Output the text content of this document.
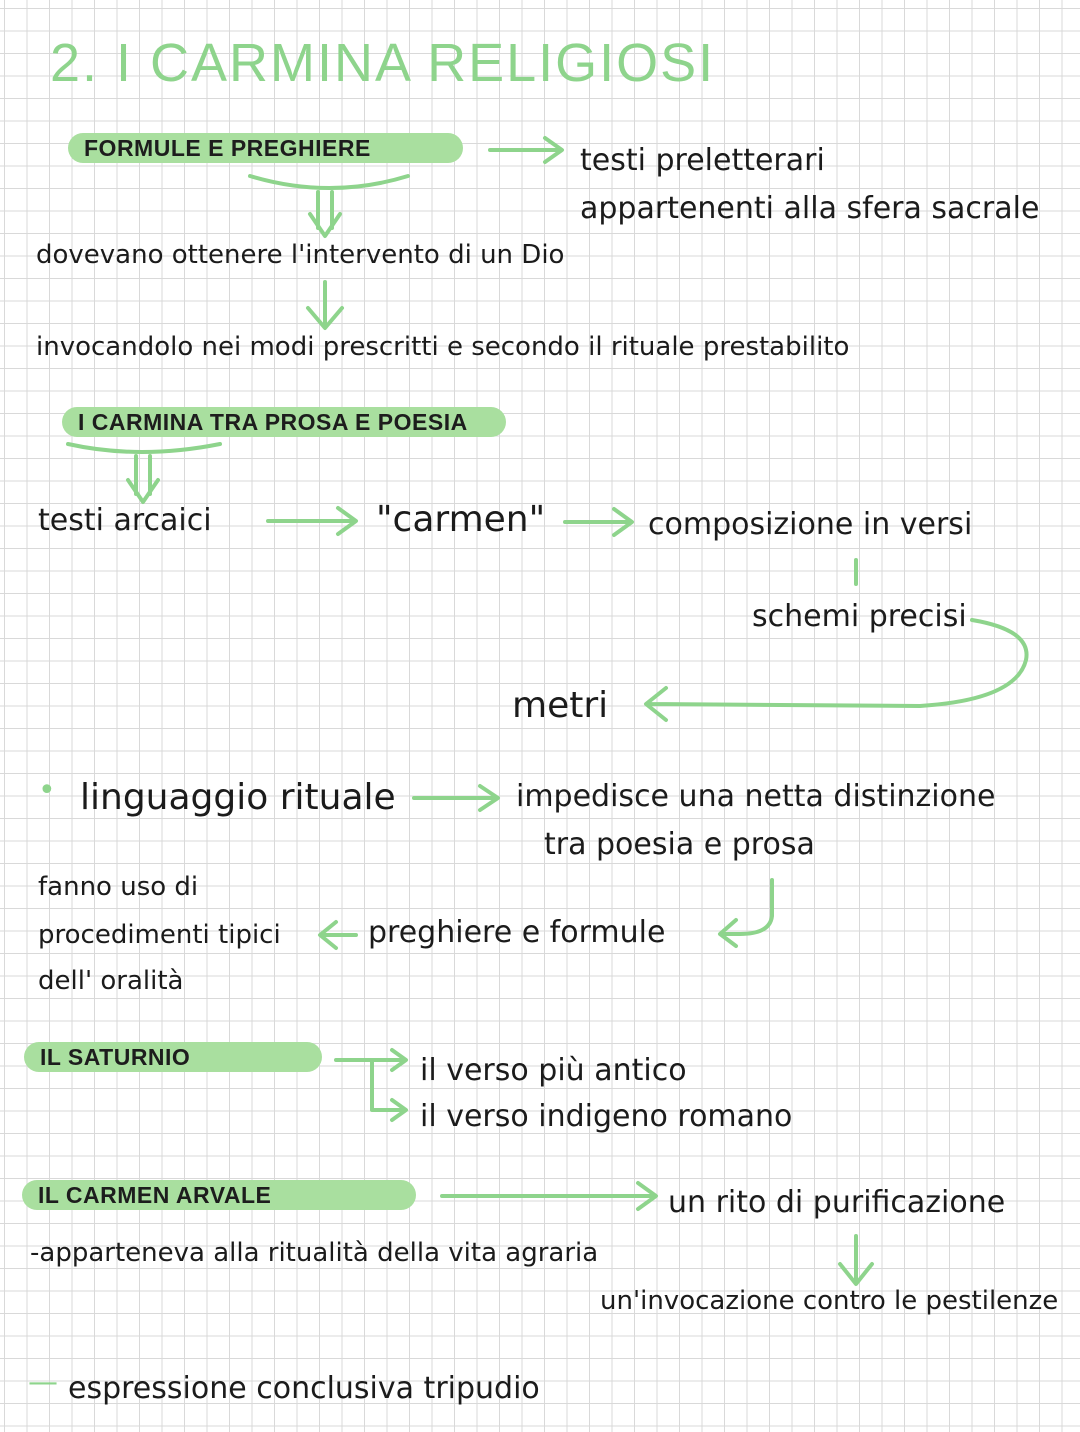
2. I CARMINA RELIGIOSI
FORMULE E PREGHIERE	testi preletterari
appartenenti alla sfera sacrale
dovevano ottenere l'intervento di un Dio
invocandolo nei modi prescritti e secondo il rituale prestabilito
I CARMINA TRA PROSA E POESIA
testi arcaici	"carmen"	composizione in versi
schemi precisi
metri
• linguaggio rituale	impedisce una netta distinzione
tra poesia e prosa
fanno uso di
procedimenti tipici
dell' oralità
preghiere e formule
IL SATURNIO	il verso più antico
il verso indigeno romano
IL CARMEN ARVALE	un rito di purificazione
-apparteneva alla ritualità della vita agraria
un'invocazione contro le pestilenze
— espressione conclusiva tripudio
